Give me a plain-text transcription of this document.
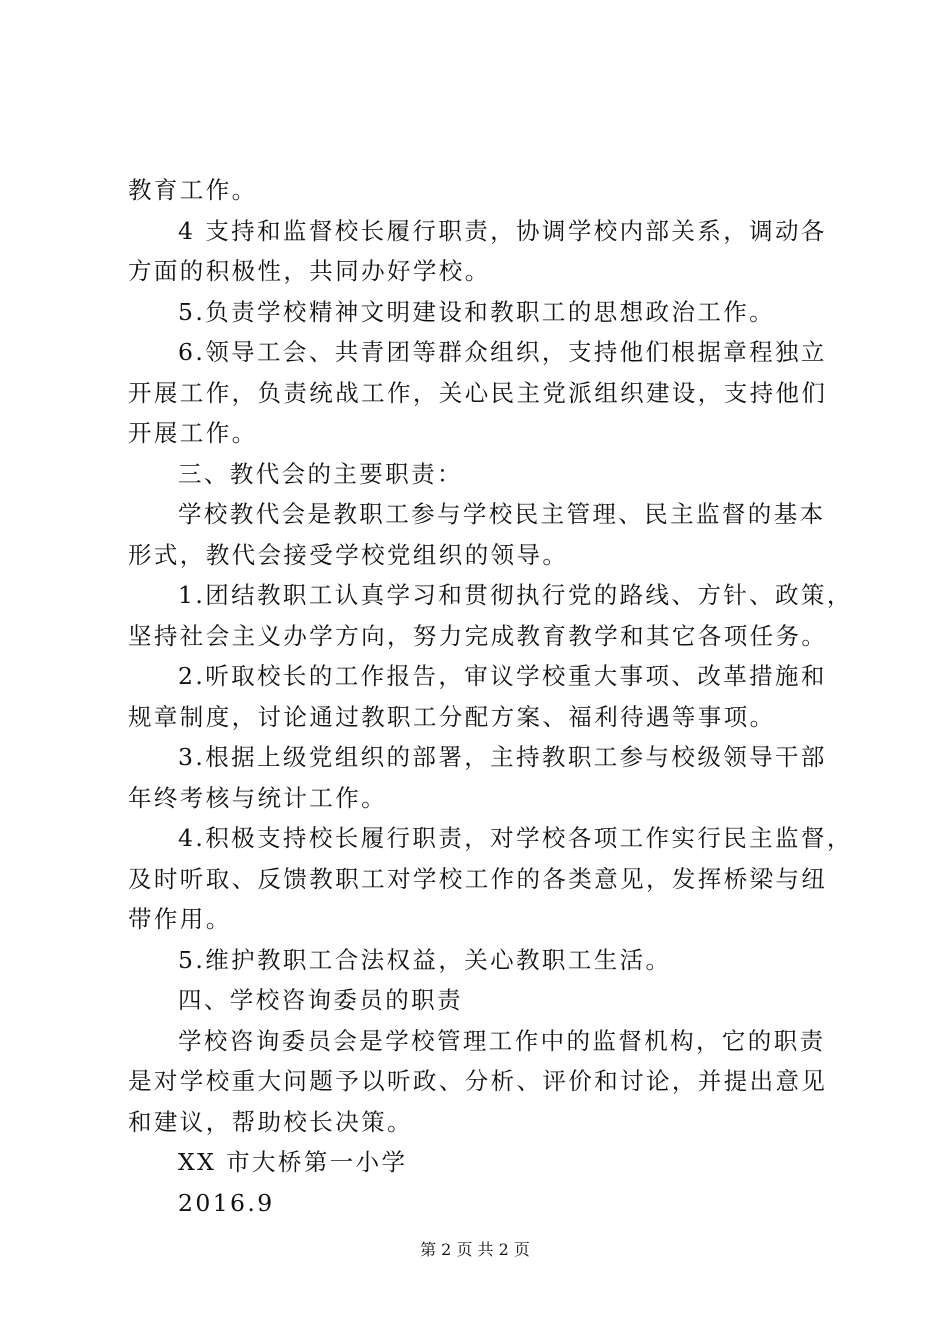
教育工作。
4 支持和监督校长履行职责，协调学校内部关系，调动各
方面的积极性，共同办好学校。
5.负责学校精神文明建设和教职工的思想政治工作。
6.领导工会、共青团等群众组织，支持他们根据章程独立
开展工作，负责统战工作，关心民主党派组织建设，支持他们
开展工作。
三、教代会的主要职责：
学校教代会是教职工参与学校民主管理、民主监督的基本
形式，教代会接受学校党组织的领导。
1.团结教职工认真学习和贯彻执行党的路线、方针、政策，
坚持社会主义办学方向，努力完成教育教学和其它各项任务。
2.听取校长的工作报告，审议学校重大事项、改革措施和
规章制度，讨论通过教职工分配方案、福利待遇等事项。
3.根据上级党组织的部署，主持教职工参与校级领导干部
年终考核与统计工作。
4.积极支持校长履行职责，对学校各项工作实行民主监督，
及时听取、反馈教职工对学校工作的各类意见，发挥桥梁与纽
带作用。
5.维护教职工合法权益，关心教职工生活。
四、学校咨询委员的职责
学校咨询委员会是学校管理工作中的监督机构，它的职责
是对学校重大问题予以听政、分析、评价和讨论，并提出意见
和建议，帮助校长决策。
XX 市大桥第一小学
2016.9
第 2 页 共 2 页
